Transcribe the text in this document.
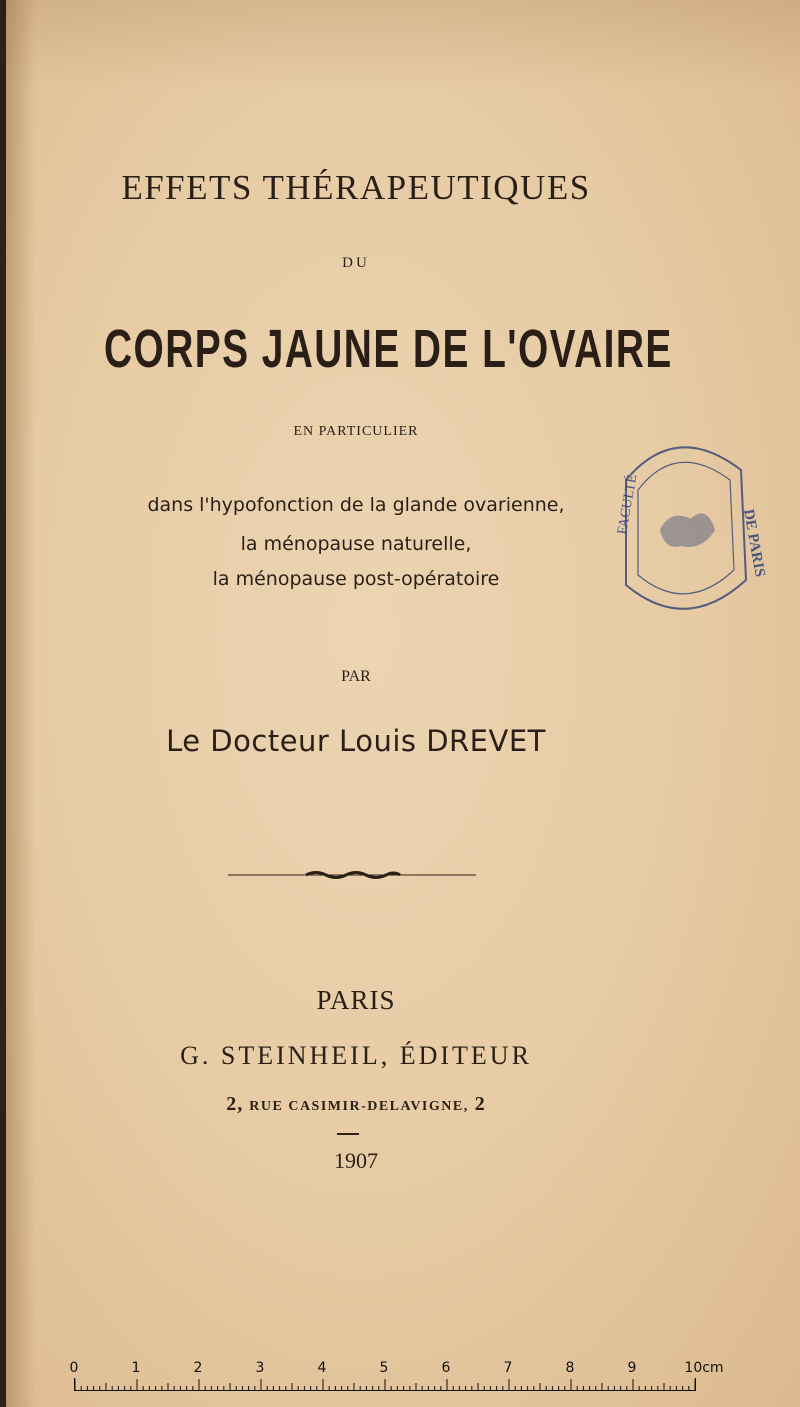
EFFETS THÉRAPEUTIQUES
DU
CORPS JAUNE DE L'OVAIRE
EN PARTICULIER
dans l'hypofonction de la glande ovarienne,
la ménopause naturelle,
la ménopause post-opératoire
FACULTÉ
DE PARIS
PAR
Le Docteur Louis DREVET
PARIS
G. STEINHEIL, ÉDITEUR
2, RUE CASIMIR-DELAVIGNE, 2
1907
0	1	2	3	4	5	6	7	8	9	10cm
